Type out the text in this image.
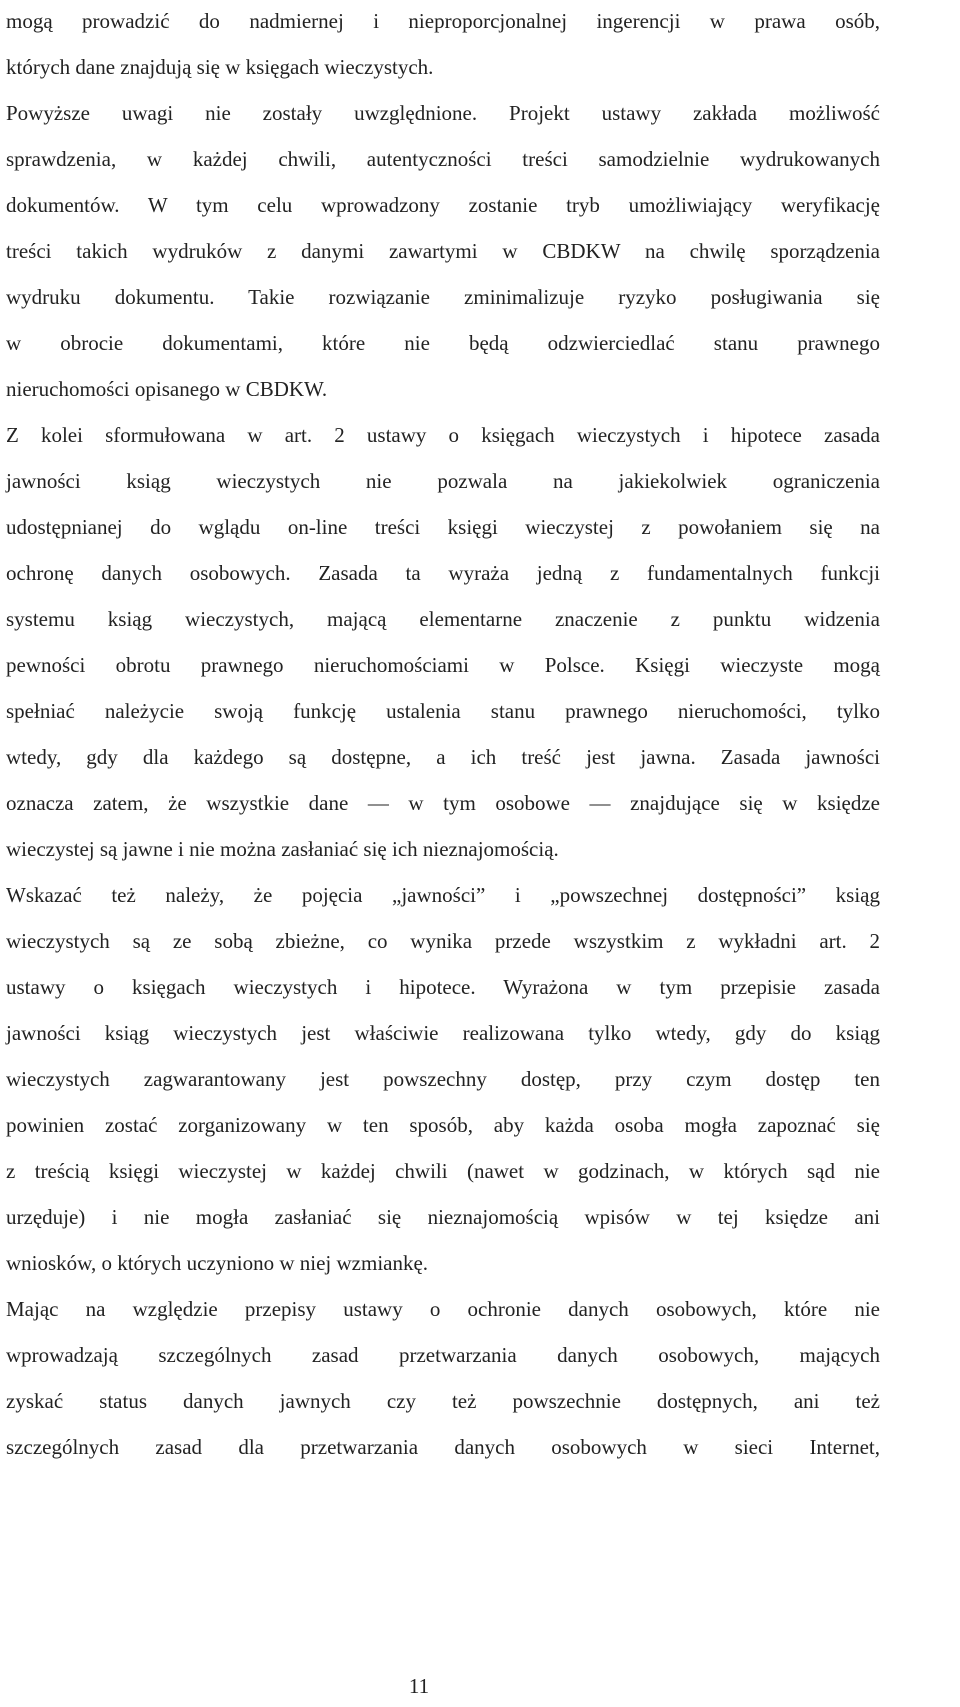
mogą prowadzić do nadmiernej i nieproporcjonalnej ingerencji w prawa osób,
których dane znajdują się w księgach wieczystych.
Powyższe uwagi nie zostały uwzględnione. Projekt ustawy zakłada możliwość
sprawdzenia, w każdej chwili, autentyczności treści samodzielnie wydrukowanych
dokumentów. W tym celu wprowadzony zostanie tryb umożliwiający weryfikację
treści takich wydruków z danymi zawartymi w CBDKW na chwilę sporządzenia
wydruku dokumentu. Takie rozwiązanie zminimalizuje ryzyko posługiwania się
w obrocie dokumentami, które nie będą odzwierciedlać stanu prawnego
nieruchomości opisanego w CBDKW.
Z kolei sformułowana w art. 2 ustawy o księgach wieczystych i hipotece zasada
jawności ksiąg wieczystych nie pozwala na jakiekolwiek ograniczenia
udostępnianej do wglądu on-line treści księgi wieczystej z powołaniem się na
ochronę danych osobowych. Zasada ta wyraża jedną z fundamentalnych funkcji
systemu ksiąg wieczystych, mającą elementarne znaczenie z punktu widzenia
pewności obrotu prawnego nieruchomościami w Polsce. Księgi wieczyste mogą
spełniać należycie swoją funkcję ustalenia stanu prawnego nieruchomości, tylko
wtedy, gdy dla każdego są dostępne, a ich treść jest jawna. Zasada jawności
oznacza zatem, że wszystkie dane — w tym osobowe — znajdujące się w księdze
wieczystej są jawne i nie można zasłaniać się ich nieznajomością.
Wskazać też należy, że pojęcia „jawności” i „powszechnej dostępności” ksiąg
wieczystych są ze sobą zbieżne, co wynika przede wszystkim z wykładni art. 2
ustawy o księgach wieczystych i hipotece. Wyrażona w tym przepisie zasada
jawności ksiąg wieczystych jest właściwie realizowana tylko wtedy, gdy do ksiąg
wieczystych zagwarantowany jest powszechny dostęp, przy czym dostęp ten
powinien zostać zorganizowany w ten sposób, aby każda osoba mogła zapoznać się
z treścią księgi wieczystej w każdej chwili (nawet w godzinach, w których sąd nie
urzęduje) i nie mogła zasłaniać się nieznajomością wpisów w tej księdze ani
wniosków, o których uczyniono w niej wzmiankę.
Mając na względzie przepisy ustawy o ochronie danych osobowych, które nie
wprowadzają szczególnych zasad przetwarzania danych osobowych, mających
zyskać status danych jawnych czy też powszechnie dostępnych, ani też
szczególnych zasad dla przetwarzania danych osobowych w sieci Internet,
11
